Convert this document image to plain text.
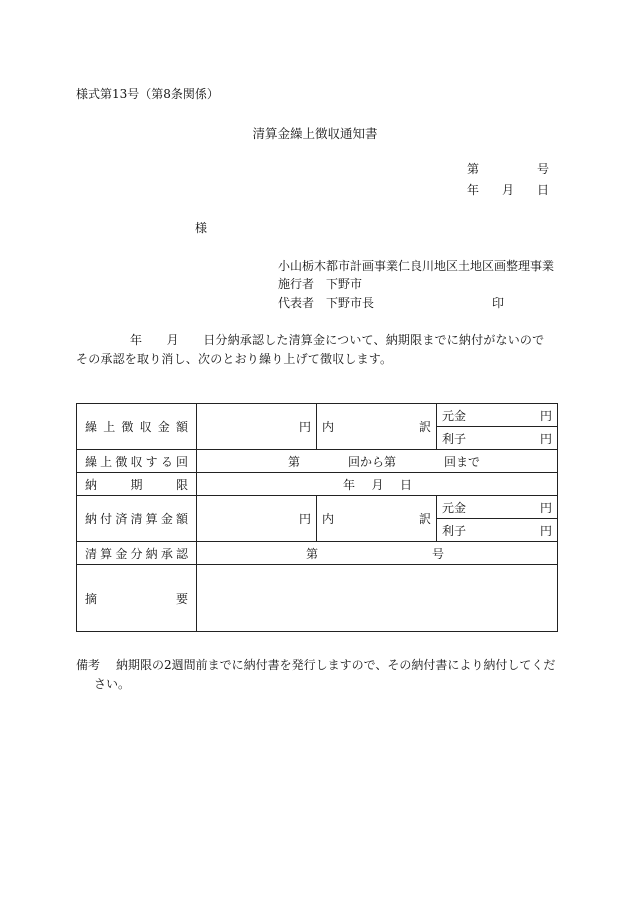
様式第13号（第8条関係）
清算金繰上徴収通知書
第	号
年 月 日
様
小山栃木都市計画事業仁良川地区土地区画整理事業
施行者　下野市
代表者　下野市長	印
年　　月　　日分納承認した清算金について、納期限までに納付がないのでその承認を取り消し、次のとおり繰り上げて徴収します。
繰上徴収金額	円	内 訳	元金 円

			利子 円

繰上徴収する回	第 回から第 回まで		

納期限	年 月 日		

納付済清算金額	円	内 訳	元金 円

			利子 円

清算金分納承認	第 号		

摘要			
備考 納期限の2週間前までに納付書を発行しますので、その納付書により納付してくだ
さい。
